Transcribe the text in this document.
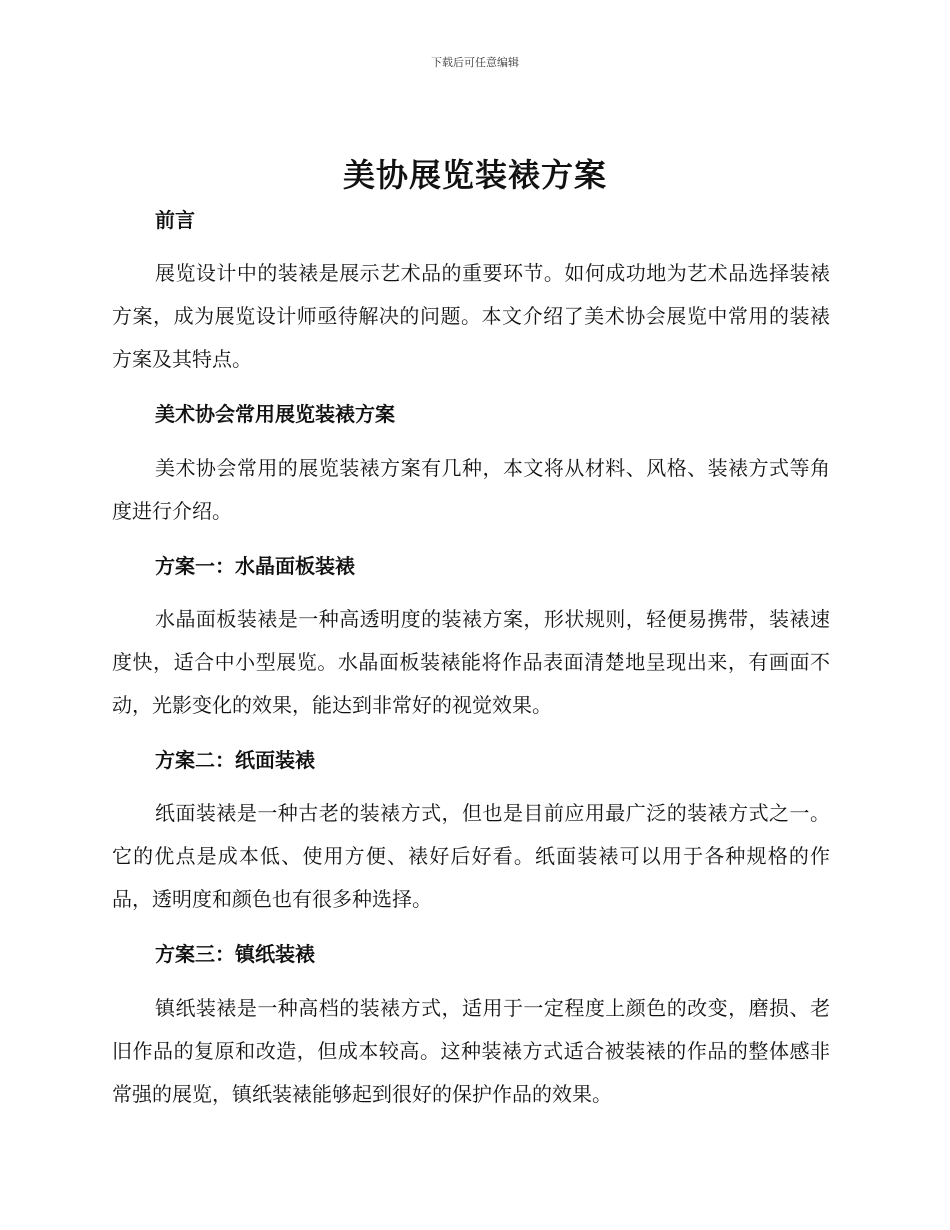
下载后可任意编辑
美协展览装裱方案
前言

展览设计中的装裱是展示艺术品的重要环节。如何成功地为艺术品选择装裱方案，成为展览设计师亟待解决的问题。本文介绍了美术协会展览中常用的装裱方案及其特点。

美术协会常用展览装裱方案

美术协会常用的展览装裱方案有几种，本文将从材料、风格、装裱方式等角度进行介绍。

方案一：水晶面板装裱

水晶面板装裱是一种高透明度的装裱方案，形状规则，轻便易携带，装裱速度快，适合中小型展览。水晶面板装裱能将作品表面清楚地呈现出来，有画面不动，光影变化的效果，能达到非常好的视觉效果。

方案二：纸面装裱

纸面装裱是一种古老的装裱方式，但也是目前应用最广泛的装裱方式之一。它的优点是成本低、使用方便、裱好后好看。纸面装裱可以用于各种规格的作品，透明度和颜色也有很多种选择。

方案三：镇纸装裱

镇纸装裱是一种高档的装裱方式，适用于一定程度上颜色的改变，磨损、老旧作品的复原和改造，但成本较高。这种装裱方式适合被装裱的作品的整体感非常强的展览，镇纸装裱能够起到很好的保护作品的效果。
